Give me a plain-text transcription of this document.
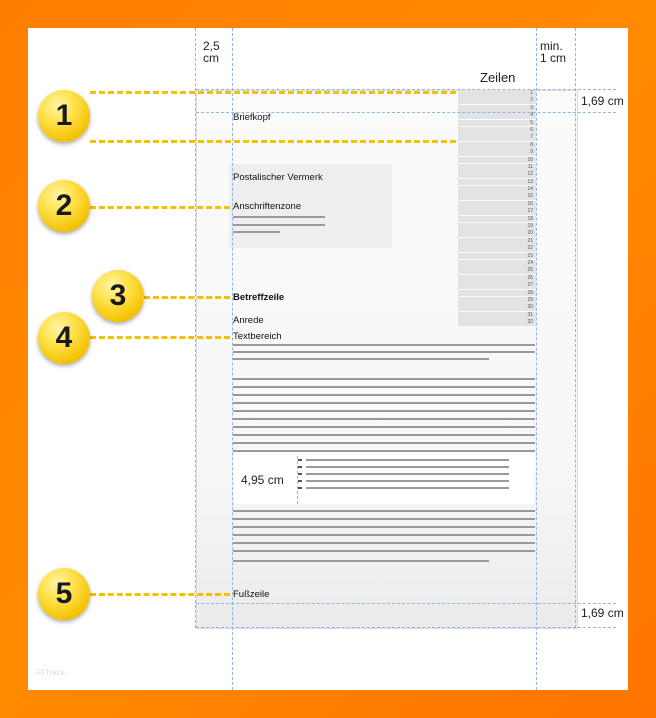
1
2
3
4
5
6
7
8
9
10
11
12
13
14
15
16
17
18
19
20
21
22
23
24
25
26
27
28
29
30
31
32
2,5
cm
min.
1 cm
Zeilen
1,69 cm
1,69 cm
Briefkopf
Postalischer Vermerk
Anschriftenzone
Betreffzeile
Anrede
Textbereich
Fußzeile
4,95 cm
1
2
3
4
5
FitTrace
